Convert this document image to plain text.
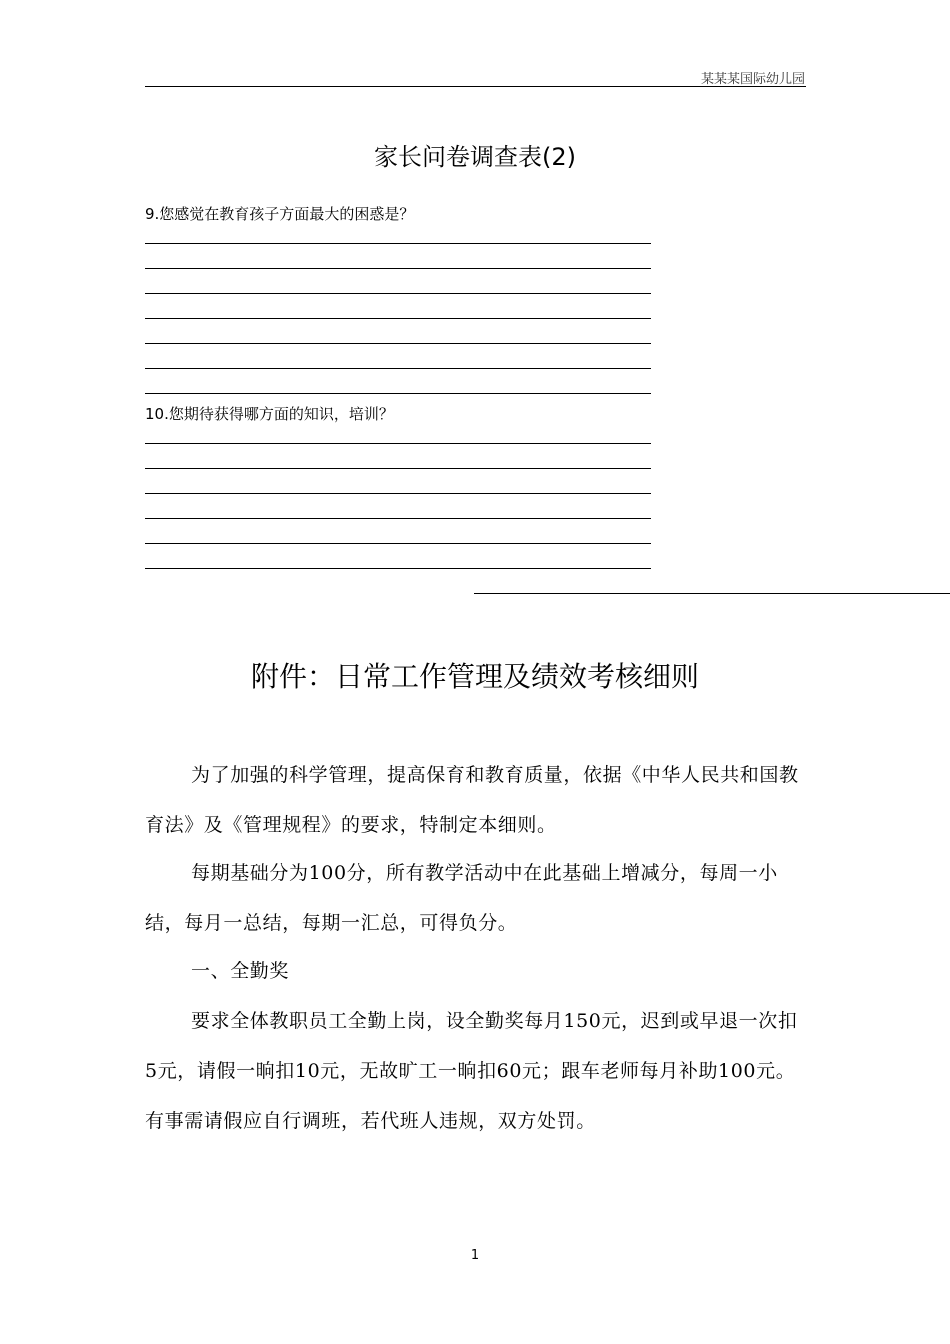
某某某国际幼儿园
家长问卷调查表(2)
9.您感觉在教育孩子方面最大的困惑是？
10.您期待获得哪方面的知识，培训？
附件：日常工作管理及绩效考核细则

为了加强的科学管理，提高保育和教育质量，依据《中华人民共和国教育法》及《管理规程》的要求，特制定本细则。

每期基础分为100分，所有教学活动中在此基础上增减分，每周一小结，每月一总结，每期一汇总，可得负分。

一、全勤奖

要求全体教职员工全勤上岗，设全勤奖每月150元，迟到或早退一次扣5元，请假一晌扣10元，无故旷工一晌扣60元；跟车老师每月补助100元。有事需请假应自行调班，若代班人违规，双方处罚。

1
